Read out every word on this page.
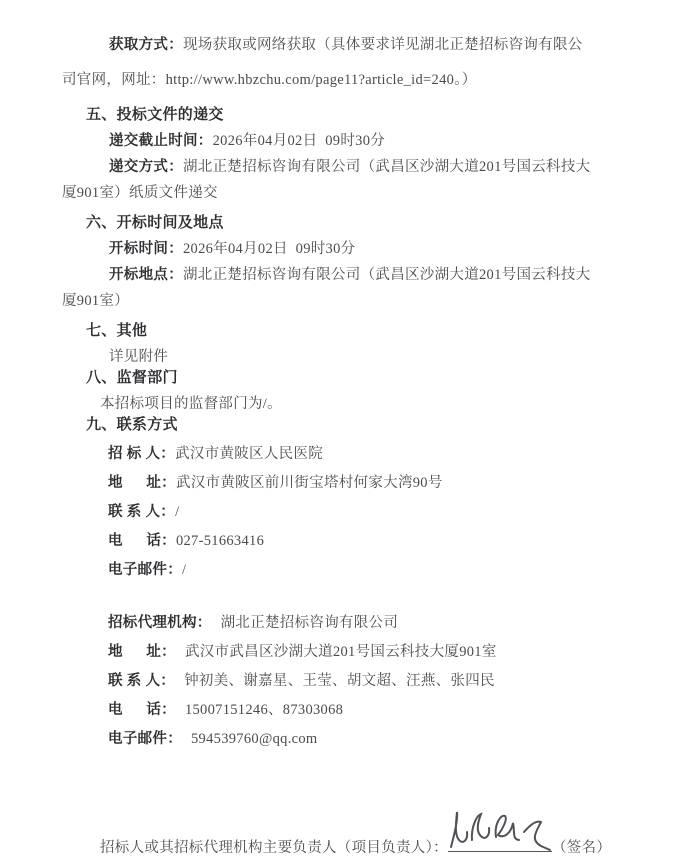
获取方式：现场获取或网络获取（具体要求详见湖北正楚招标咨询有限公
司官网，网址：http://www.hbzchu.com/page11?article_id=240。）

五、投标文件的递交

递交截止时间：2026年04月02日  09时30分

递交方式：湖北正楚招标咨询有限公司（武昌区沙湖大道201号国云科技大
厦901室）纸质文件递交

六、开标时间及地点

开标时间：2026年04月02日  09时30分

开标地点：湖北正楚招标咨询有限公司（武昌区沙湖大道201号国云科技大
厦901室）

七、其他

详见附件

八、监督部门

本招标项目的监督部门为/。

九、联系方式

招 标 人：武汉市黄陂区人民医院

地      址：武汉市黄陂区前川街宝塔村何家大湾90号

联 系 人：/

电      话：027-51663416

电子邮件：/

招标代理机构： 湖北正楚招标咨询有限公司

地      址： 武汉市武昌区沙湖大道201号国云科技大厦901室

联 系 人： 钟初美、谢嘉星、王莹、胡文超、汪燕、张四民

电      话： 15007151246、87303068

电子邮件： 594539760@qq.com

招标人或其招标代理机构主要负责人（项目负责人）：	（签名）
